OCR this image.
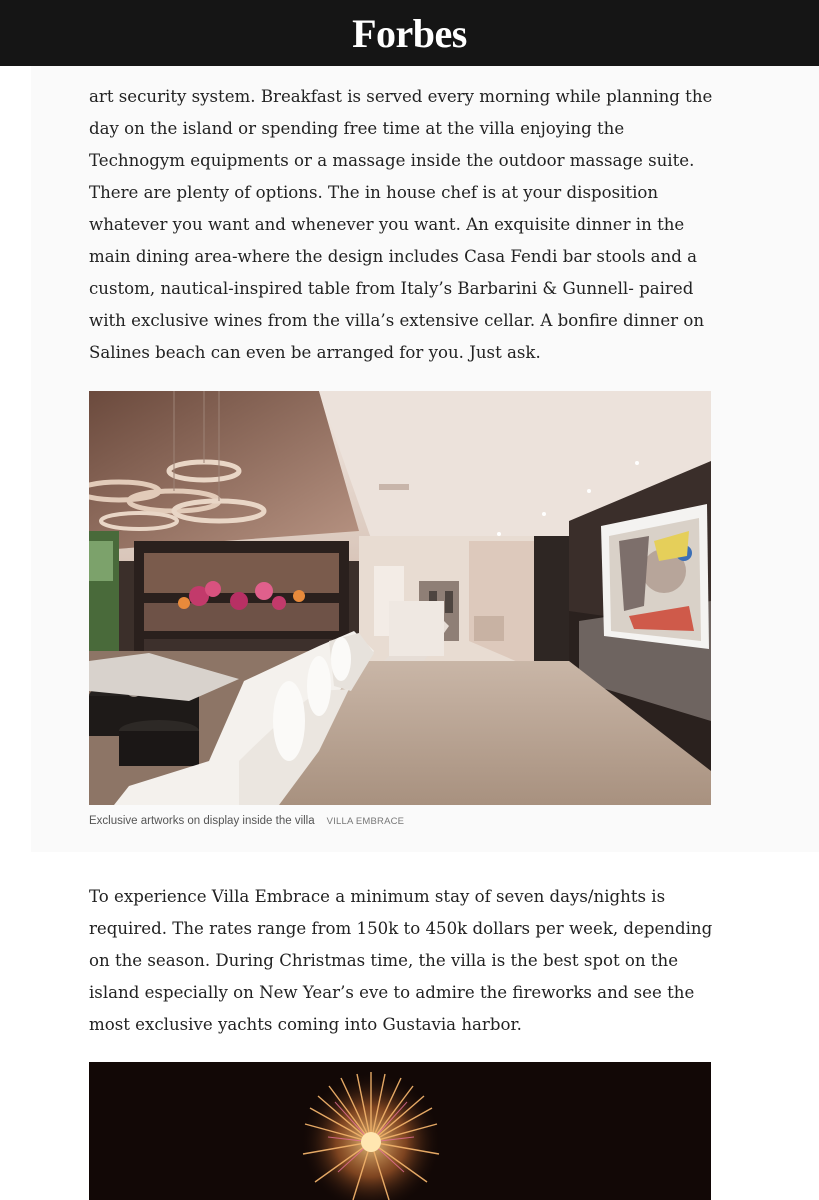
Forbes

art security system. Breakfast is served every morning while planning the day on the island or spending free time at the villa enjoying the Technogym equipments or a massage inside the outdoor massage suite. There are plenty of options. The in house chef is at your disposition whatever you want and whenever you want. An exquisite dinner in the main dining area-where the design includes Casa Fendi bar stools and a custom, nautical-inspired table from Italy’s Barbarini & Gunnell- paired with exclusive wines from the villa’s extensive cellar. A bonfire dinner on Salines beach can even be arranged for you. Just ask.

Exclusive artworks on display inside the villa VILLA EMBRACE

To experience Villa Embrace a minimum stay of seven days/nights is required. The rates range from 150k to 450k dollars per week, depending on the season. During Christmas time, the villa is the best spot on the island especially on New Year’s eve to admire the fireworks and see the most exclusive yachts coming into Gustavia harbor.
